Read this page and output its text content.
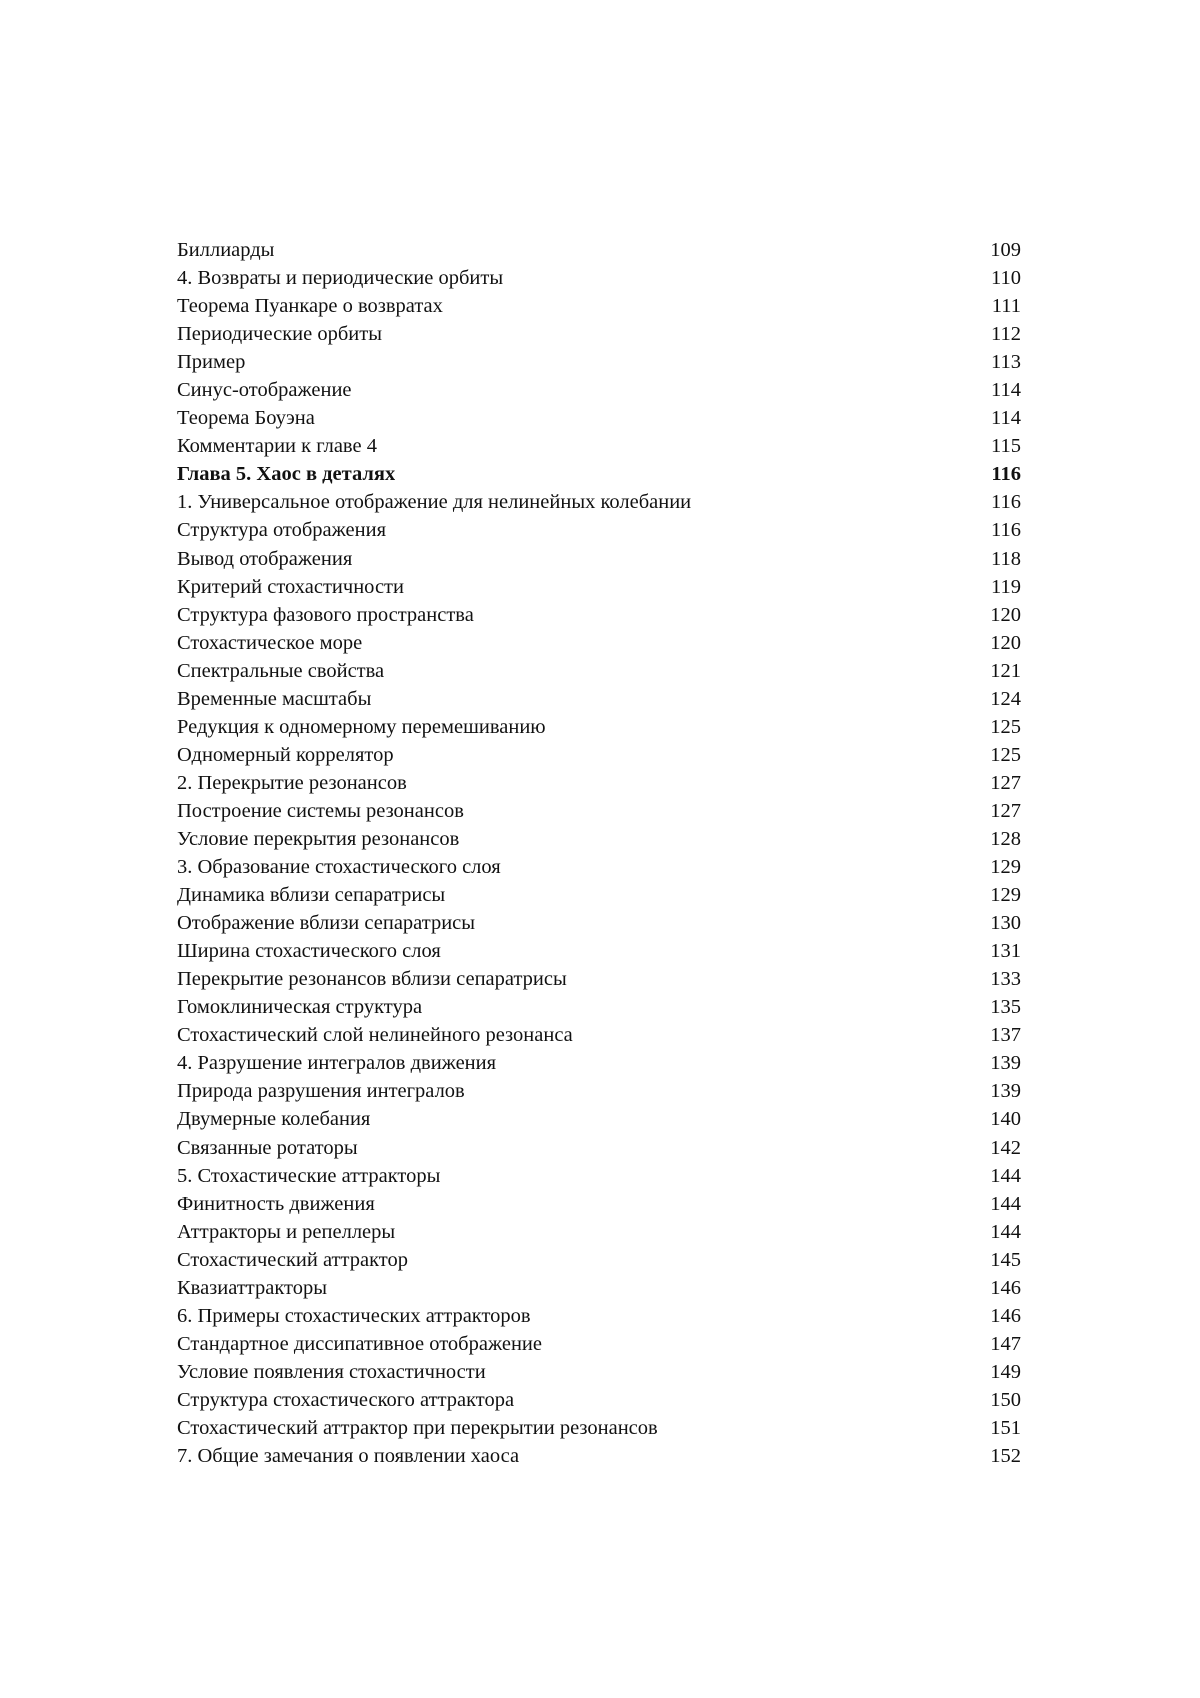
Биллиарды	109
4. Возвраты и периодические орбиты	110
Теорема Пуанкаре о возвратах	111
Периодические орбиты	112
Пример	113
Синус-отображение	114
Теорема Боуэна	114
Комментарии к главе 4	115
Глава 5. Хаос в деталях	116
1. Универсальное отображение для нелинейных колебании	116
Структура отображения	116
Вывод отображения	118
Критерий стохастичности	119
Структура фазового пространства	120
Стохастическое море	120
Спектральные свойства	121
Временные масштабы	124
Редукция к одномерному перемешиванию	125
Одномерный коррелятор	125
2. Перекрытие резонансов	127
Построение системы резонансов	127
Условие перекрытия резонансов	128
3. Образование стохастического слоя	129
Динамика вблизи сепаратрисы	129
Отображение вблизи сепаратрисы	130
Ширина стохастического слоя	131
Перекрытие резонансов вблизи сепаратрисы	133
Гомоклиническая структура	135
Стохастический слой нелинейного резонанса	137
4. Разрушение интегралов движения	139
Природа разрушения интегралов	139
Двумерные колебания	140
Связанные ротаторы	142
5. Стохастические аттракторы	144
Финитность движения	144
Аттракторы и репеллеры	144
Стохастический аттрактор	145
Квазиаттракторы	146
6. Примеры стохастических аттракторов	146
Стандартное диссипативное отображение	147
Условие появления стохастичности	149
Структура стохастического аттрактора	150
Стохастический аттрактор при перекрытии резонансов	151
7. Общие замечания о появлении хаоса	152
